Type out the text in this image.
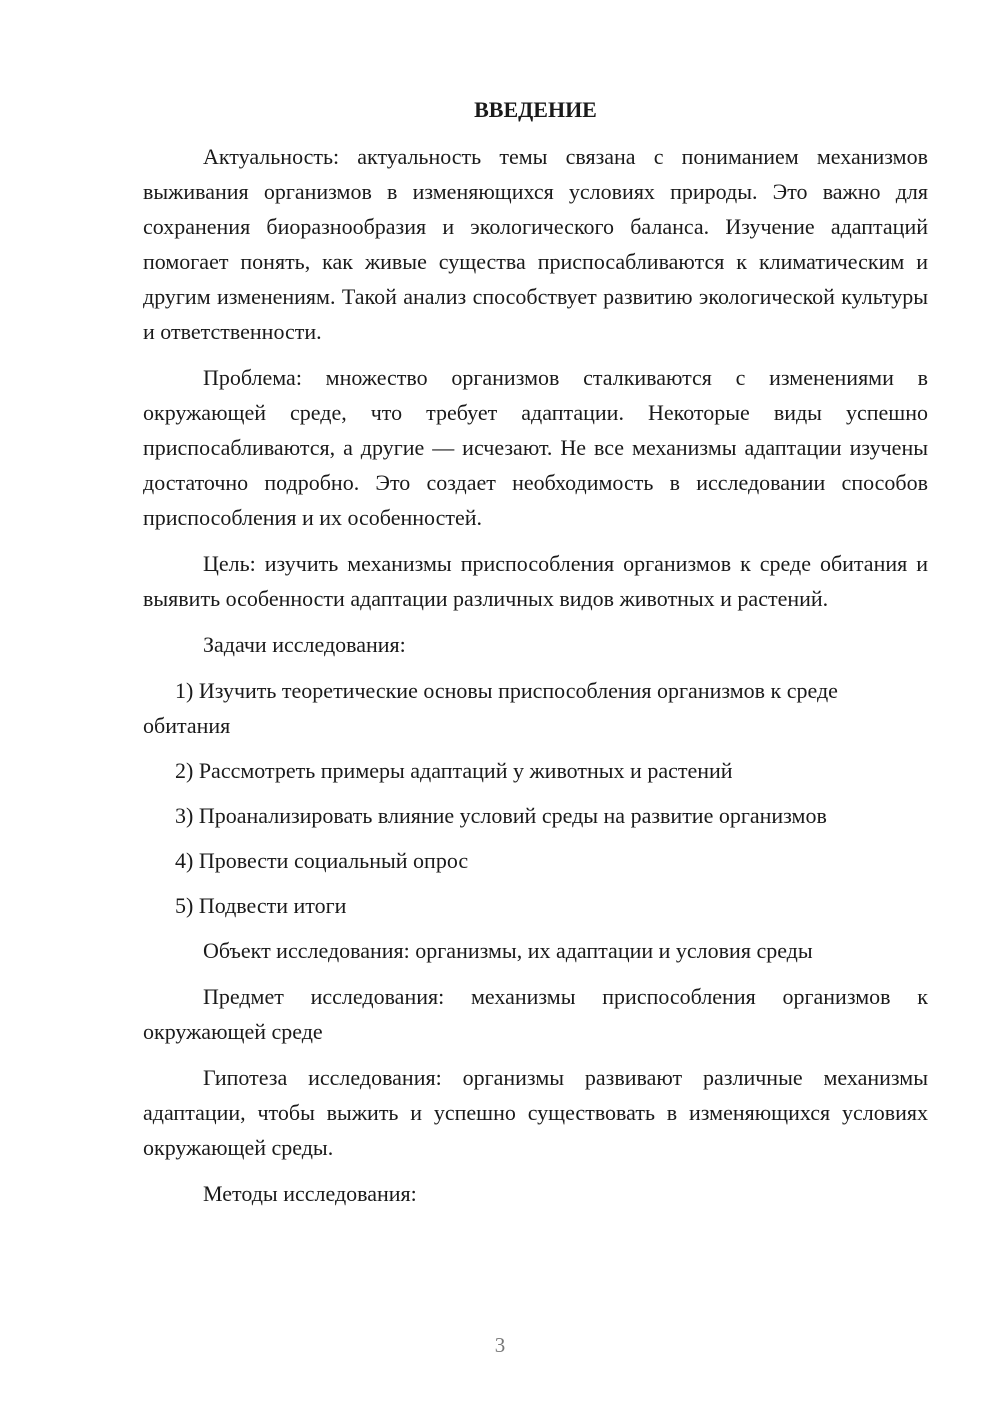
ВВЕДЕНИЕ

Актуальность: актуальность темы связана с пониманием механизмов выживания организмов в изменяющихся условиях природы. Это важно для сохранения биоразнообразия и экологического баланса. Изучение адаптаций помогает понять, как живые существа приспосабливаются к климатическим и другим изменениям. Такой анализ способствует развитию экологической культуры и ответственности.

Проблема: множество организмов сталкиваются с изменениями в окружающей среде, что требует адаптации. Некоторые виды успешно приспосабливаются, а другие — исчезают. Не все механизмы адаптации изучены достаточно подробно. Это создает необходимость в исследовании способов приспособления и их особенностей.

Цель: изучить механизмы приспособления организмов к среде обитания и выявить особенности адаптации различных видов животных и растений.

Задачи исследования:

1) Изучить теоретические основы приспособления организмов к среде обитания
2) Рассмотреть примеры адаптаций у животных и растений
3) Проанализировать влияние условий среды на развитие организмов
4) Провести социальный опрос
5) Подвести итоги

Объект исследования: организмы, их адаптации и условия среды

Предмет исследования: механизмы приспособления организмов к окружающей среде

Гипотеза исследования: организмы развивают различные механизмы адаптации, чтобы выжить и успешно существовать в изменяющихся условиях окружающей среды.

Методы исследования:

3
